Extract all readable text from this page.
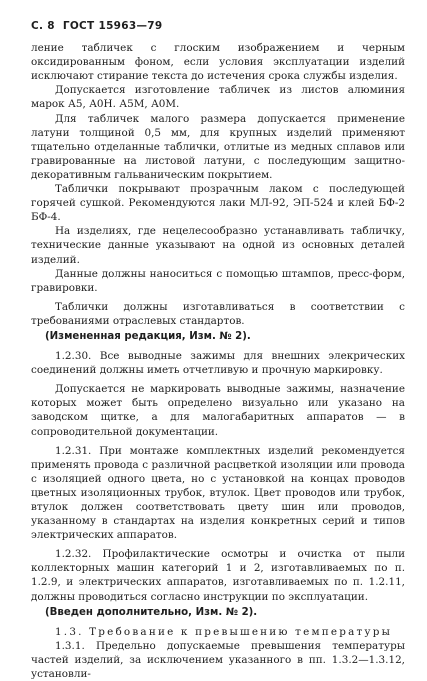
С. 8 ГОСТ 15963—79

ление табличек с глоским изображением и черным оксидированным фоном, если условия эксплуатации изделий исключают стирание текста до истечения срока службы изделия.

Допускается изготовление табличек из листов алюминия марок А5, А0Н. А5М, А0М.

Для табличек малого размера допускается применение латуни толщиной 0,5 мм, для крупных изделий применяют тщательно отделанные таблички, отлитые из медных сплавов или гравированные на листовой латуни, с последующим защитно-декоративным гальваническим покрытием.

Таблички покрывают прозрачным лаком с последующей горячей сушкой. Рекомендуются лаки МЛ-92, ЭП-524 и клей БФ-2 БФ-4.

На изделиях, где нецелесообразно устанавливать табличку, технические данные указывают на одной из основных деталей изделий.

Данные должны наноситься с помощью штампов, пресс-форм, гравировки.

Таблички должны изготавливаться в соответствии с требованиями отраслевых стандартов.

(Измененная редакция, Изм. № 2).

1.2.30. Все выводные зажимы для внешних элекрических соединений должны иметь отчетливую и прочную маркировку.

Допускается не маркировать выводные зажимы, назначение которых может быть определено визуально или указано на заводском щитке, а для малогабаритных аппаратов — в сопроводительной документации.

1.2.31. При монтаже комплектных изделий рекомендуется применять провода с различной расцветкой изоляции или провода с изоляцией одного цвета, но с установкой на концах проводов цветных изоляционных трубок, втулок. Цвет проводов или трубок, втулок должен соответствовать цвету шин или проводов, указанному в стандартах на изделия конкретных серий и типов электрических аппаратов.

1.2.32. Профилактические осмотры и очистка от пыли коллекторных машин категорий 1 и 2, изготавливаемых по п. 1.2.9, и электрических аппаратов, изготавливаемых по п. 1.2.11, должны проводиться согласно инструкции по эксплуатации.

(Введен дополнительно, Изм. № 2).

1.3. Требование к превышению температуры

1.3.1. Предельно допускаемые превышения температуры частей изделий, за исключением указанного в пп. 1.3.2—1.3.12, установли-
